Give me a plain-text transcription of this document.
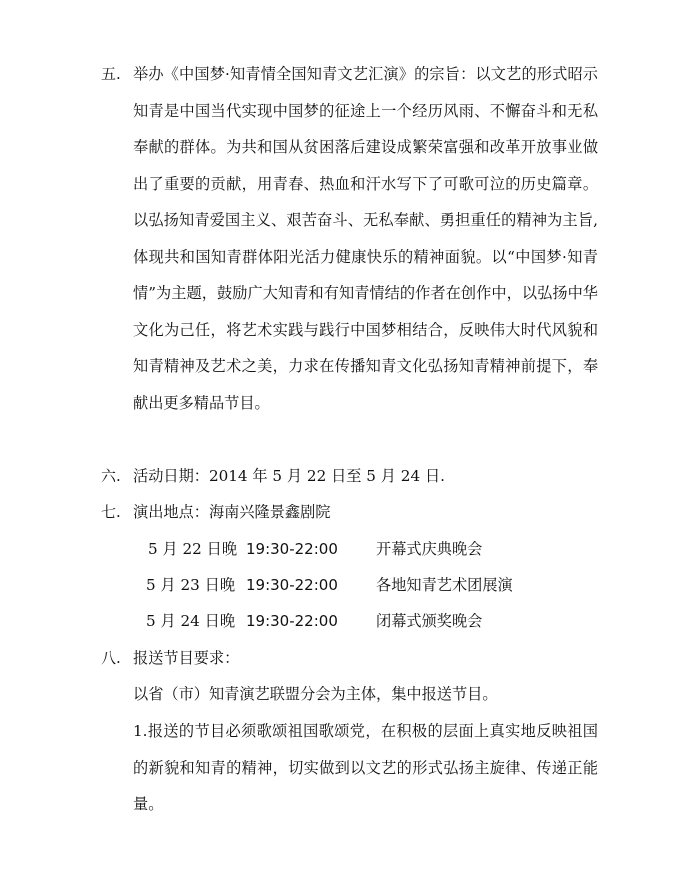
五. 举办《中国梦·知青情全国知青文艺汇演》的宗旨：以文艺的形式昭示知青是中国当代实现中国梦的征途上一个经历风雨、不懈奋斗和无私奉献的群体。为共和国从贫困落后建设成繁荣富强和改革开放事业做出了重要的贡献，用青春、热血和汗水写下了可歌可泣的历史篇章。以弘扬知青爱国主义、艰苦奋斗、无私奉献、勇担重任的精神为主旨,体现共和国知青群体阳光活力健康快乐的精神面貌。以“中国梦·知青情”为主题，鼓励广大知青和有知青情结的作者在创作中，以弘扬中华文化为己任，将艺术实践与践行中国梦相结合，反映伟大时代风貌和知青精神及艺术之美，力求在传播知青文化弘扬知青精神前提下，奉献出更多精品节目。
六. 活动日期：2014 年 5 月 22 日至 5 月 24 日.
七. 演出地点：海南兴隆景鑫剧院
5 月 22 日晚 19:30-22:00	开幕式庆典晚会
5 月 23 日晚 19:30-22:00	各地知青艺术团展演
5 月 24 日晚 19:30-22:00	闭幕式颁奖晚会
八. 报送节目要求：
以省（市）知青演艺联盟分会为主体，集中报送节目。
1.报送的节目必须歌颂祖国歌颂党，在积极的层面上真实地反映祖国的新貌和知青的精神，切实做到以文艺的形式弘扬主旋律、传递正能量。
